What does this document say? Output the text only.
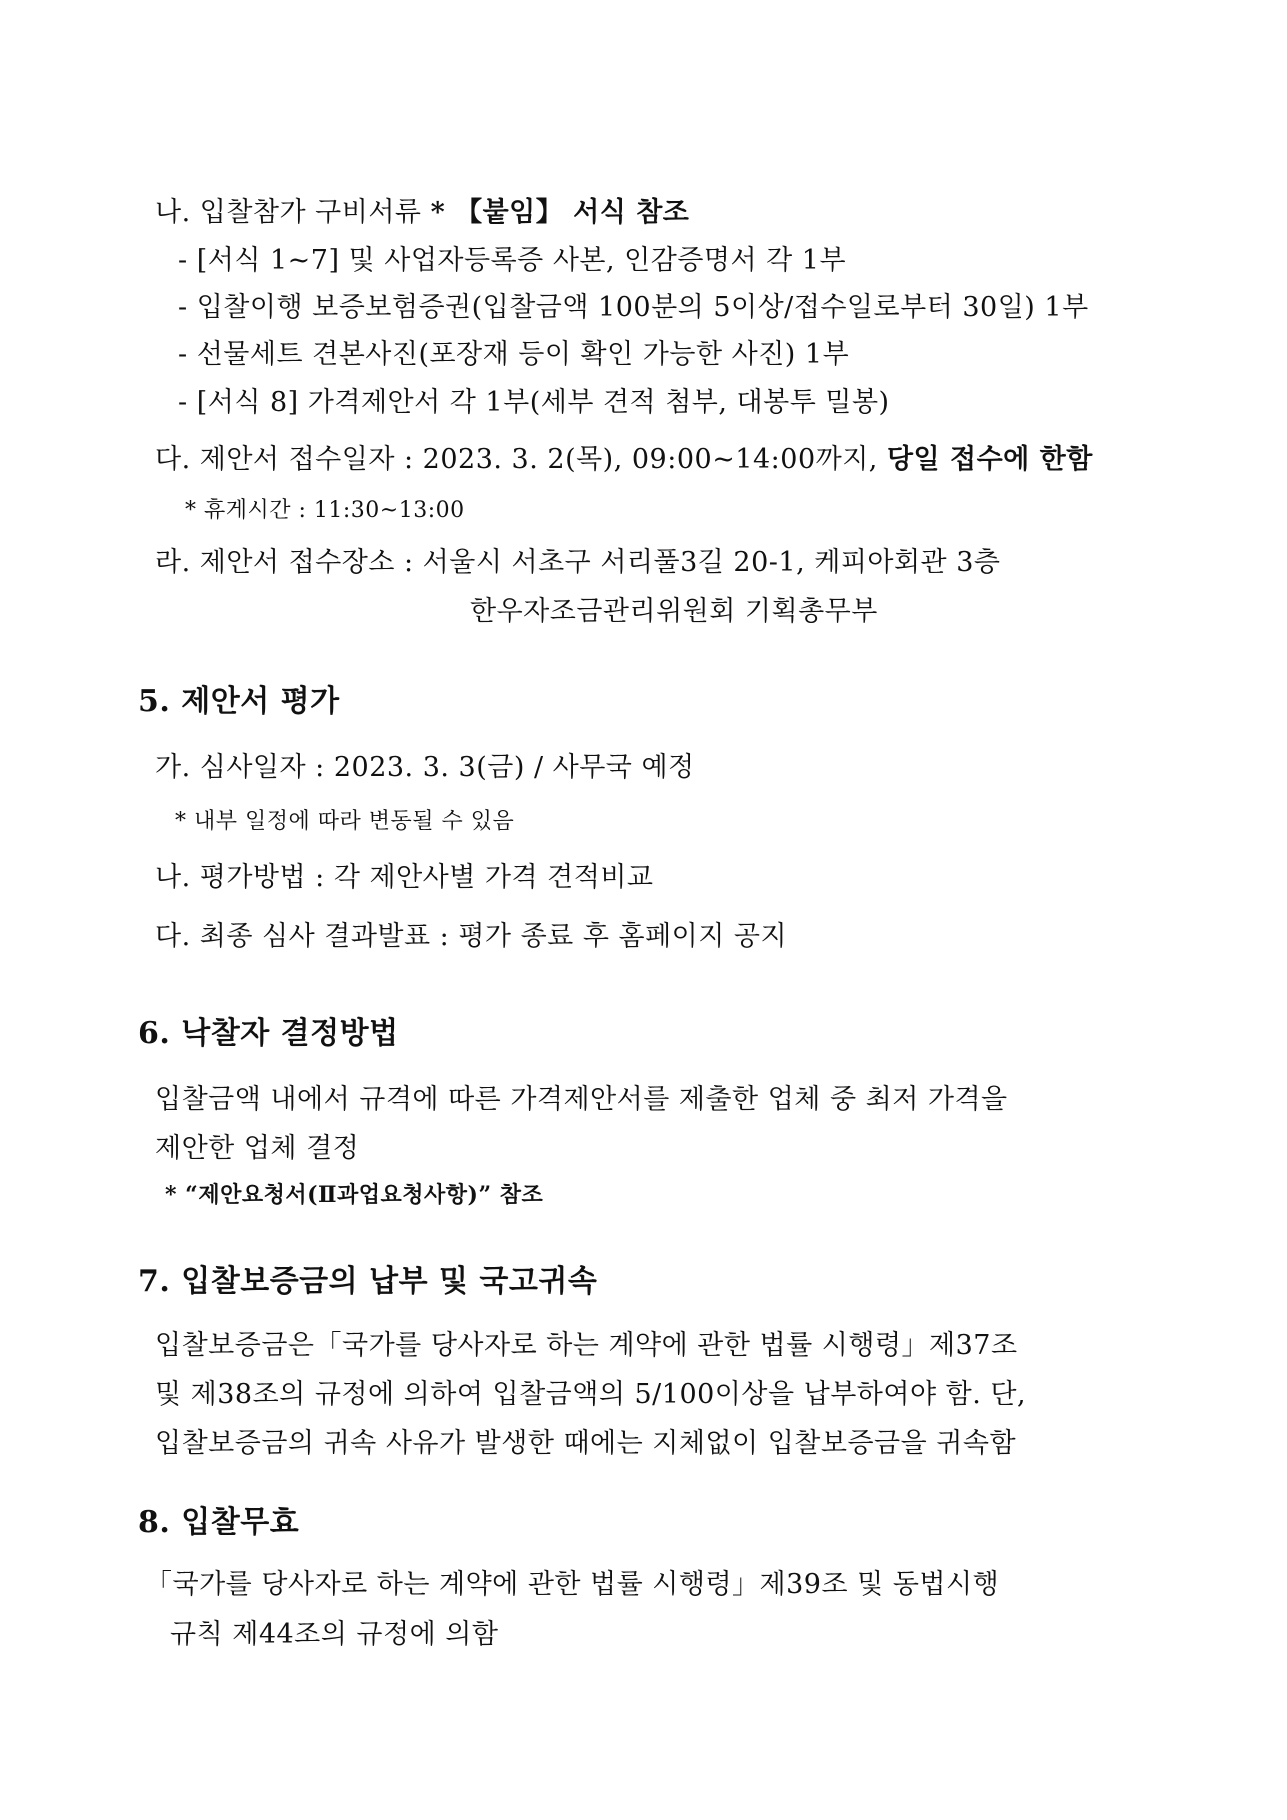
나. 입찰참가 구비서류 * 【붙임】 서식 참조
- [서식 1~7] 및 사업자등록증 사본, 인감증명서 각 1부
- 입찰이행 보증보험증권(입찰금액 100분의 5이상/접수일로부터 30일) 1부
- 선물세트 견본사진(포장재 등이 확인 가능한 사진) 1부
- [서식 8] 가격제안서 각 1부(세부 견적 첨부, 대봉투 밀봉)
다. 제안서 접수일자 : 2023. 3. 2(목), 09:00~14:00까지, 당일 접수에 한함
* 휴게시간 : 11:30~13:00
라. 제안서 접수장소 : 서울시 서초구 서리풀3길 20-1, 케피아회관 3층
한우자조금관리위원회 기획총무부
5. 제안서 평가
가. 심사일자 : 2023. 3. 3(금) / 사무국 예정
* 내부 일정에 따라 변동될 수 있음
나. 평가방법 : 각 제안사별 가격 견적비교
다. 최종 심사 결과발표 : 평가 종료 후 홈페이지 공지
6. 낙찰자 결정방법
입찰금액 내에서 규격에 따른 가격제안서를 제출한 업체 중 최저 가격을
제안한 업체 결정
* “제안요청서(Ⅱ과업요청사항)” 참조
7. 입찰보증금의 납부 및 국고귀속
입찰보증금은「국가를 당사자로 하는 계약에 관한 법률 시행령」제37조
및 제38조의 규정에 의하여 입찰금액의 5/100이상을 납부하여야 함. 단,
입찰보증금의 귀속 사유가 발생한 때에는 지체없이 입찰보증금을 귀속함
8. 입찰무효
「국가를 당사자로 하는 계약에 관한 법률 시행령」제39조 및 동법시행
규칙 제44조의 규정에 의함
